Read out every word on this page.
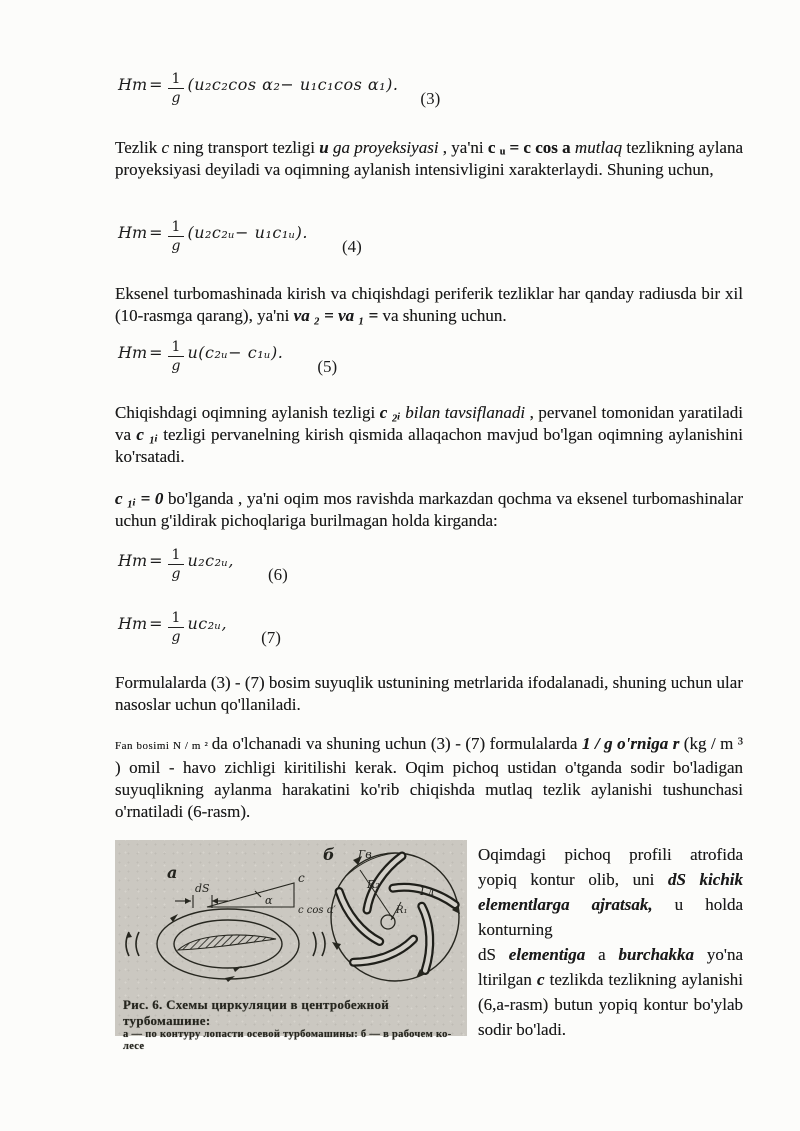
$Hm = \frac{1}{g} (u_2c_2\cos$ α₂− u₁c₁cos α₁).(3)
Tezlik c ning transport tezligi u ga proyeksiyasi , ya'ni c ᵤ = c cos a mutlaq tezlikning aylana proyeksiyasi deyiladi va oqimning aylanish intensivligini xarakterlaydi. Shuning uchun,
$Hm = \frac{1}{g}$ (u₂c₂ᵤ− u₁c₁ᵤ).(4)
Eksenel turbomashinada kirish va chiqishdagi periferik tezliklar har qanday radiusda bir xil (10-rasmga qarang), ya'ni va ₂ = va ₁ = va shuning uchun.
$Hm = \frac{1}{g}$ u(c₂ᵤ− c₁ᵤ).(5)
Chiqishdagi oqimning aylanish tezligi c ₂ᵢ bilan tavsiflanadi , pervanel tomonidan yaratiladi va c ₁ᵢ tezligi pervanelning kirish qismida allaqachon mavjud bo'lgan oqimning aylanishini ko'rsatadi.
c ₁ᵢ = 0 bo'lganda , ya'ni oqim mos ravishda markazdan qochma va eksenel turbomashinalar uchun g'ildirak pichoqlariga burilmagan holda kirganda:
$Hm = \frac{1}{g}$ u₂c₂ᵤ,(6)
$Hm = \frac{1}{g}$ uc₂ᵤ,(7)
Formulalarda (3) - (7) bosim suyuqlik ustunining metrlarida ifodalanadi, shuning uchun ular nasoslar uchun qo'llaniladi.
Fan bosimi N / m ² da o'lchanadi va shuning uchun (3) - (7) formulalarda 1 / g o'rniga r (kg / m ³ ) omil - havo zichligi kiritilishi kerak. Oqim pichoq ustidan o'tganda sodir bo'ladigan suyuqlikning aylanma harakatini ko'rib chiqishda mutlaq tezlik aylanishi tushunchasi o'rnatiladi (6-rasm).
a
dS
c
α
c cos α′
б Гв
R₂
Гл
R₁
Рис. 6. Схемы циркуляции в центробежной турбомашине:
а — по контуру лопасти осевой турбомашины: б — в рабочем ко-
лесе

Oqimdagi pichoq profili atrofida yopiq kontur olib, uni dS kichik elementlarga ajratsak, u holda konturning

dS elementiga a burchakka yo'na ltirilgan c tezlikda tezlikning aylanishi (6,a-rasm) butun yopiq kontur bo'ylab sodir bo'ladi.
